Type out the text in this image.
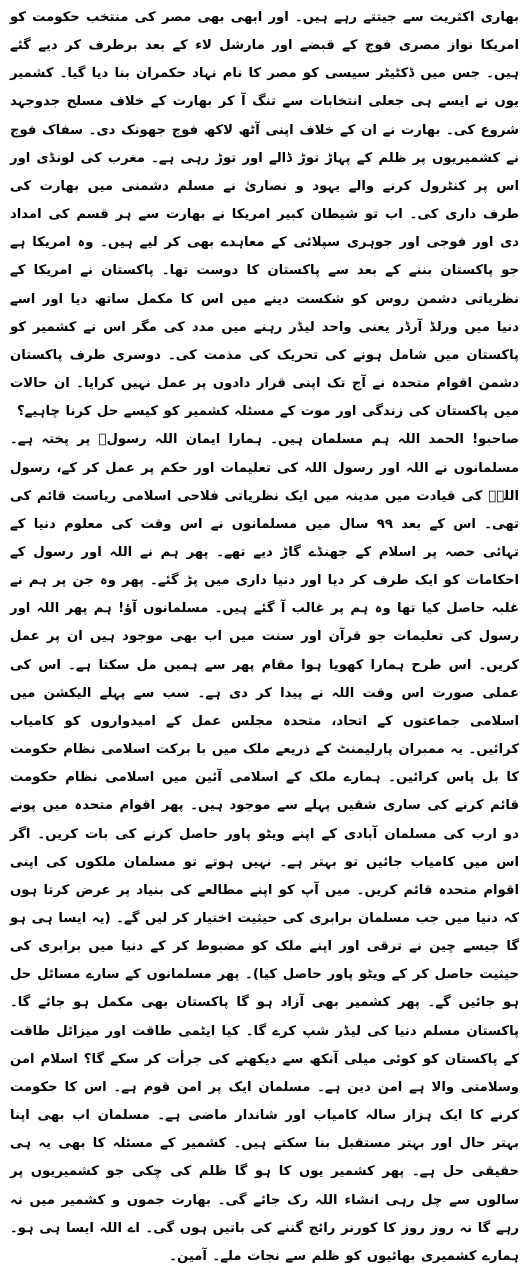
بھاری اکثریت سے جیتتے رہے ہیں۔ اور ابھی بھی مصر کی منتخب حکومت کو امریکا نواز مصری فوج کے قبضے اور مارشل لاء کے بعد برطرف کر دیے گئے ہیں۔ جس میں ڈکٹیٹر سیسی کو مصر کا نام نہاد حکمران بنا دیا گیا۔ کشمیر یوں نے ایسے ہی جعلی انتخابات سے تنگ آ کر بھارت کے خلاف مسلح جدوجہد شروع کی۔ بھارت نے ان کے خلاف اپنی آٹھ لاکھ فوج جھونک دی۔ سفاک فوج نے کشمیریوں پر ظلم کے پہاڑ توڑ ڈالے اور توڑ رہی ہے۔ مغرب کی لونڈی اور اس پر کنٹرول کرنے والے یہود و نصاریٰ نے مسلم دشمنی میں بھارت کی طرف داری کی۔ اب تو شیطان کبیر امریکا نے بھارت سے ہر قسم کی امداد دی اور فوجی اور جوہری سپلائی کے معاہدے بھی کر لیے ہیں۔ وہ امریکا ہے جو پاکستان بننے کے بعد سے پاکستان کا دوست تھا۔ پاکستان نے امریکا کے نظریاتی دشمن روس کو شکست دینے میں اس کا مکمل ساتھ دیا اور اسے دنیا میں ورلڈ آرڈر یعنی واحد لیڈر رہنے میں مدد کی مگر اس نے کشمیر کو پاکستان میں شامل ہونے کی تحریک کی مذمت کی۔ دوسری طرف پاکستان دشمن اقوام متحدہ نے آج تک اپنی قرار دادوں پر عمل نہیں کرایا۔ ان حالات میں پاکستان کی زندگی اور موت کے مسئلہ کشمیر کو کیسے حل کرنا چاہیے؟

صاحبو! الحمد اللہ ہم مسلمان ہیں۔ ہمارا ایمان اللہ رسولؐ پر پختہ ہے۔ مسلمانوں نے اللہ اور رسول اللہ کی تعلیمات اور حکم پر عمل کر کے، رسول اللہؐ کی قیادت میں مدینہ میں ایک نظریاتی فلاحی اسلامی ریاست قائم کی تھی۔ اس کے بعد ۹۹ سال میں مسلمانوں نے اس وقت کی معلوم دنیا کے تہائی حصہ پر اسلام کے جھنڈے گاڑ دیے تھے۔ پھر ہم نے اللہ اور رسول کے احکامات کو ایک طرف کر دیا اور دنیا داری میں پڑ گئے۔ پھر وہ جن پر ہم نے غلبہ حاصل کیا تھا وہ ہم پر غالب آ گئے ہیں۔ مسلمانوں آؤ! ہم پھر اللہ اور رسول کی تعلیمات جو قرآن اور سنت میں اب بھی موجود ہیں ان پر عمل کریں۔ اس طرح ہمارا کھویا ہوا مقام پھر سے ہمیں مل سکتا ہے۔ اس کی عملی صورت اس وقت اللہ نے پیدا کر دی ہے۔ سب سے پہلے الیکشن میں اسلامی جماعتوں کے اتحاد، متحدہ مجلس عمل کے امیدواروں کو کامیاب کرائیں۔ یہ ممبران پارلیمنٹ کے ذریعے ملک میں با برکت اسلامی نظام حکومت کا بل پاس کرائیں۔ ہمارے ملک کے اسلامی آئین میں اسلامی نظام حکومت قائم کرنے کی ساری شقیں پہلے سے موجود ہیں۔ پھر اقوام متحدہ میں پونے دو ارب کی مسلمان آبادی کے اپنے ویٹو پاور حاصل کرنے کی بات کریں۔ اگر اس میں کامیاب جائیں تو بہتر ہے۔ نہیں ہوتے تو مسلمان ملکوں کی اپنی اقوام متحدہ قائم کریں۔ میں آپ کو اپنے مطالعے کی بنیاد پر عرض کرتا ہوں کہ دنیا میں جب مسلمان برابری کی حیثیت اختیار کر لیں گے۔ (یہ ایسا ہی ہو گا جیسے چین نے ترقی اور اپنے ملک کو مضبوط کر کے دنیا میں برابری کی حیثیت حاصل کر کے ویٹو پاور حاصل کیا)۔ پھر مسلمانوں کے سارے مسائل حل ہو جائیں گے۔ پھر کشمیر بھی آزاد ہو گا پاکستان بھی مکمل ہو جائے گا۔ پاکستان مسلم دنیا کی لیڈر شپ کرے گا۔ کیا ایٹمی طاقت اور میزائل طاقت کے پاکستان کو کوئی میلی آنکھ سے دیکھنے کی جرأت کر سکے گا؟ اسلام امن وسلامتی والا ہے امن دین ہے۔ مسلمان ایک پر امن قوم ہے۔ اس کا حکومت کرنے کا ایک ہزار سالہ کامیاب اور شاندار ماضی ہے۔ مسلمان اب بھی اپنا بہتر حال اور بہتر مستقبل بنا سکتے ہیں۔ کشمیر کے مسئلہ کا بھی یہ ہی حقیقی حل ہے۔ پھر کشمیر یوں کا ہو گا ظلم کی چکی جو کشمیریوں پر سالوں سے چل رہی انشاء اللہ رک جائے گی۔ بھارت جموں و کشمیر میں نہ رہے گا نہ روز روز کا کورنر رائج گننے کی باتیں ہوں گی۔ اے اللہ ایسا ہی ہو۔ ہمارے کشمیری بھائیوں کو ظلم سے نجات ملے۔ آمین۔
